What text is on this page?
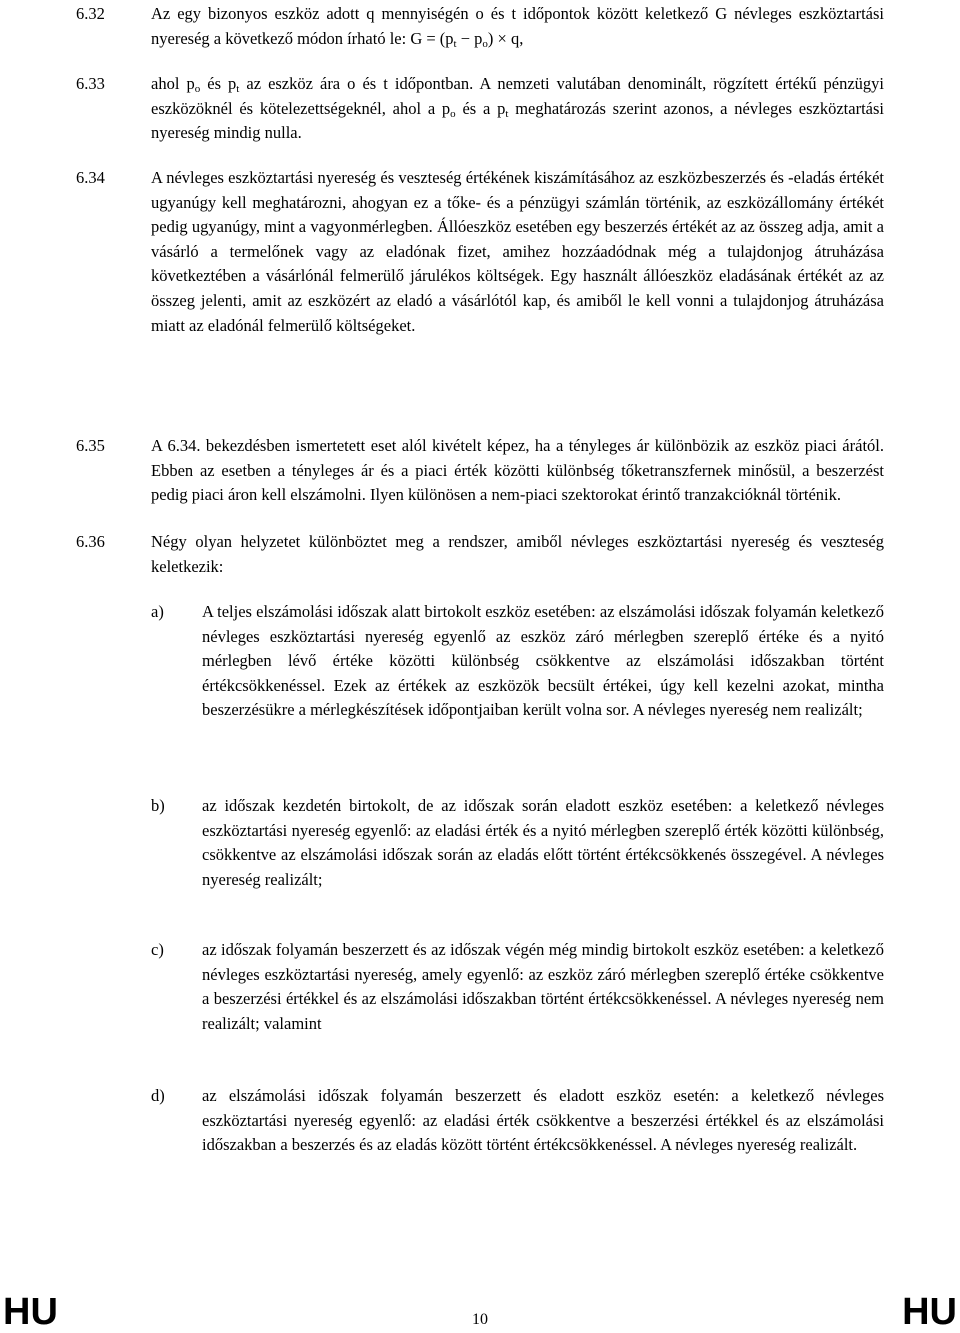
6.32	Az egy bizonyos eszköz adott q mennyiségén o és t időpontok között keletkező G névleges eszköztartási nyereség a következő módon írható le: $G = (p_t - p_o) \times q$,
6.33	ahol $p_o$ és $p_t$ az eszköz ára o és t időpontban. A nemzeti valutában denominált, rögzített értékű pénzügyi eszközöknél és kötelezettségeknél, ahol a $p_o$ és a $p_t$ meghatározás szerint azonos, a névleges eszköztartási nyereség mindig nulla.
6.34	A névleges eszköztartási nyereség és veszteség értékének kiszámításához az eszközbeszerzés és -eladás értékét ugyanúgy kell meghatározni, ahogyan ez a tőke- és a pénzügyi számlán történik, az eszközállomány értékét pedig ugyanúgy, mint a vagyonmérlegben. Állóeszköz esetében egy beszerzés értékét az az összeg adja, amit a vásárló a termelőnek vagy az eladónak fizet, amihez hozzáadódnak még a tulajdonjog átruházása következtében a vásárlónál felmerülő járulékos költségek. Egy használt állóeszköz eladásának értékét az az összeg jelenti, amit az eszközért az eladó a vásárlótól kap, és amiből le kell vonni a tulajdonjog átruházása miatt az eladónál felmerülő költségeket.
6.35	A 6.34. bekezdésben ismertetett eset alól kivételt képez, ha a tényleges ár különbözik az eszköz piaci árától. Ebben az esetben a tényleges ár és a piaci érték közötti különbség tőketranszfernek minősül, a beszerzést pedig piaci áron kell elszámolni. Ilyen különösen a nem-piaci szektorokat érintő tranzakcióknál történik.
6.36	Négy olyan helyzetet különböztet meg a rendszer, amiből névleges eszköztartási nyereség és veszteség keletkezik:
a)	A teljes elszámolási időszak alatt birtokolt eszköz esetében: az elszámolási időszak folyamán keletkező névleges eszköztartási nyereség egyenlő az eszköz záró mérlegben szereplő értéke és a nyitó mérlegben lévő értéke közötti különbség csökkentve az elszámolási időszakban történt értékcsökkenéssel. Ezek az értékek az eszközök becsült értékei, úgy kell kezelni azokat, mintha beszerzésükre a mérlegkészítések időpontjaiban került volna sor. A névleges nyereség nem realizált;
b)	az időszak kezdetén birtokolt, de az időszak során eladott eszköz esetében: a keletkező névleges eszköztartási nyereség egyenlő: az eladási érték és a nyitó mérlegben szereplő érték közötti különbség, csökkentve az elszámolási időszak során az eladás előtt történt értékcsökkenés összegével. A névleges nyereség realizált;
c)	az időszak folyamán beszerzett és az időszak végén még mindig birtokolt eszköz esetében: a keletkező névleges eszköztartási nyereség, amely egyenlő: az eszköz záró mérlegben szereplő értéke csökkentve a beszerzési értékkel és az elszámolási időszakban történt értékcsökkenéssel. A névleges nyereség nem realizált; valamint
d)	az elszámolási időszak folyamán beszerzett és eladott eszköz esetén: a keletkező névleges eszköztartási nyereség egyenlő: az eladási érték csökkentve a beszerzési értékkel és az elszámolási időszakban a beszerzés és az eladás között történt értékcsökkenéssel. A névleges nyereség realizált.
HU	10	HU
